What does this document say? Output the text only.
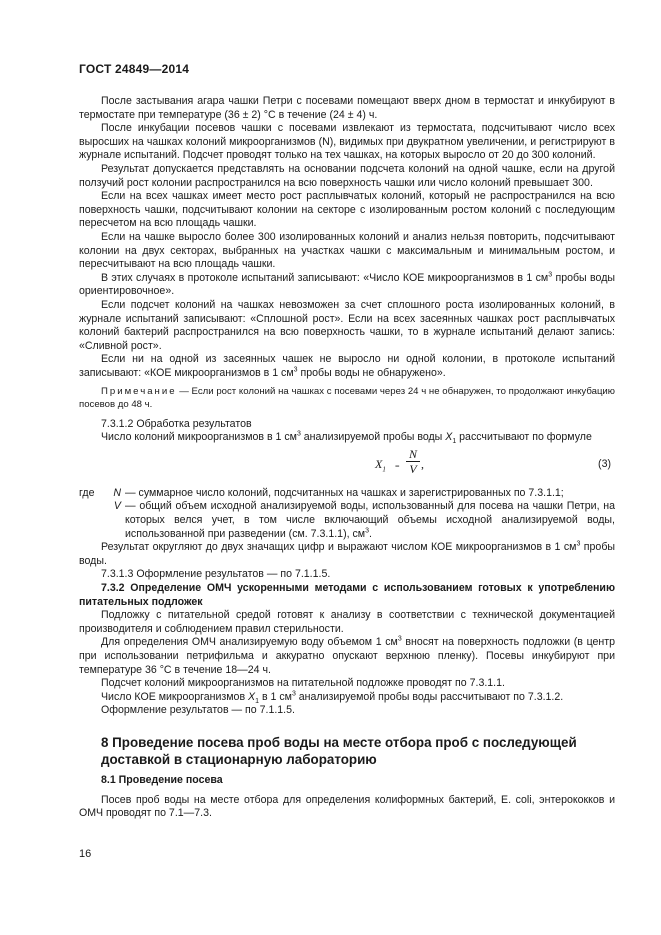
ГОСТ 24849—2014

После застывания агара чашки Петри с посевами помещают вверх дном в термостат и инкубируют в термостате при температуре (36 ± 2) °С в течение (24 ± 4) ч.

После инкубации посевов чашки с посевами извлекают из термостата, подсчитывают число всех выросших на чашках колоний микроорганизмов (N), видимых при двукратном увеличении, и регистрируют в журнале испытаний. Подсчет проводят только на тех чашках, на которых выросло от 20 до 300 колоний.

Результат допускается представлять на основании подсчета колоний на одной чашке, если на другой ползучий рост колонии распространился на всю поверхность чашки или число колоний превышает 300.

Если на всех чашках имеет место рост расплывчатых колоний, который не распространился на всю поверхность чашки, подсчитывают колонии на секторе с изолированным ростом колоний с последующим пересчетом на всю площадь чашки.

Если на чашке выросло более 300 изолированных колоний и анализ нельзя повторить, подсчитывают колонии на двух секторах, выбранных на участках чашки с максимальным и минимальным ростом, и пересчитывают на всю площадь чашки.

В этих случаях в протоколе испытаний записывают: «Число КОЕ микроорганизмов в 1 $см^3$ пробы воды ориентировочное».

Если подсчет колоний на чашках невозможен за счет сплошного роста изолированных колоний, в журнале испытаний записывают: «Сплошной рост». Если на всех засеянных чашках рост расплывчатых колоний бактерий распространился на всю поверхность чашки, то в журнале испытаний делают запись: «Сливной рост».

Если ни на одной из засеянных чашек не выросло ни одной колонии, в протоколе испытаний записывают: «КОЕ микроорганизмов в 1 $см^3$ пробы воды не обнаружено».

Примечание — Если рост колоний на чашках с посевами через 24 ч не обнаружен, то продолжают инкубацию посевов до 48 ч.

7.3.1.2 Обработка результатов

Число колоний микроорганизмов в 1 $см^3$ анализируемой пробы воды $X_1$ рассчитывают по формуле

$X_1 = \frac{N}{V}$ ,	(3)
где	N — суммарное число колоний, подсчитанных на чашках и зарегистрированных по 7.3.1.1;
V — общий объем исходной анализируемой воды, использованный для посева на чашки Петри, на которых велся учет, в том числе включающий объемы исходной анализируемой воды, использованной при разведении (см. 7.3.1.1), $см^3$.

Результат округляют до двух значащих цифр и выражают числом КОЕ микроорганизмов в 1 $см^3$ пробы воды.

7.3.1.3 Оформление результатов — по 7.1.1.5.

7.3.2 Определение ОМЧ ускоренными методами с использованием готовых к употреблению питательных подложек

Подложку с питательной средой готовят к анализу в соответствии с технической документацией производителя и соблюдением правил стерильности.

Для определения ОМЧ анализируемую воду объемом 1 $см^3$ вносят на поверхность подложки (в центр при использовании петрифильма и аккуратно опускают верхнюю пленку). Посевы инкубируют при температуре 36 °С в течение 18—24 ч.

Подсчет колоний микроорганизмов на питательной подложке проводят по 7.3.1.1.

Число КОЕ микроорганизмов $X_1$ в 1 $см^3$ анализируемой пробы воды рассчитывают по 7.3.1.2.

Оформление результатов — по 7.1.1.5.

8 Проведение посева проб воды на месте отбора проб с последующей доставкой в стационарную лабораторию
8.1 Проведение посева

Посев проб воды на месте отбора для определения колиформных бактерий, E. coli, энтерококков и ОМЧ проводят по 7.1—7.3.

16
